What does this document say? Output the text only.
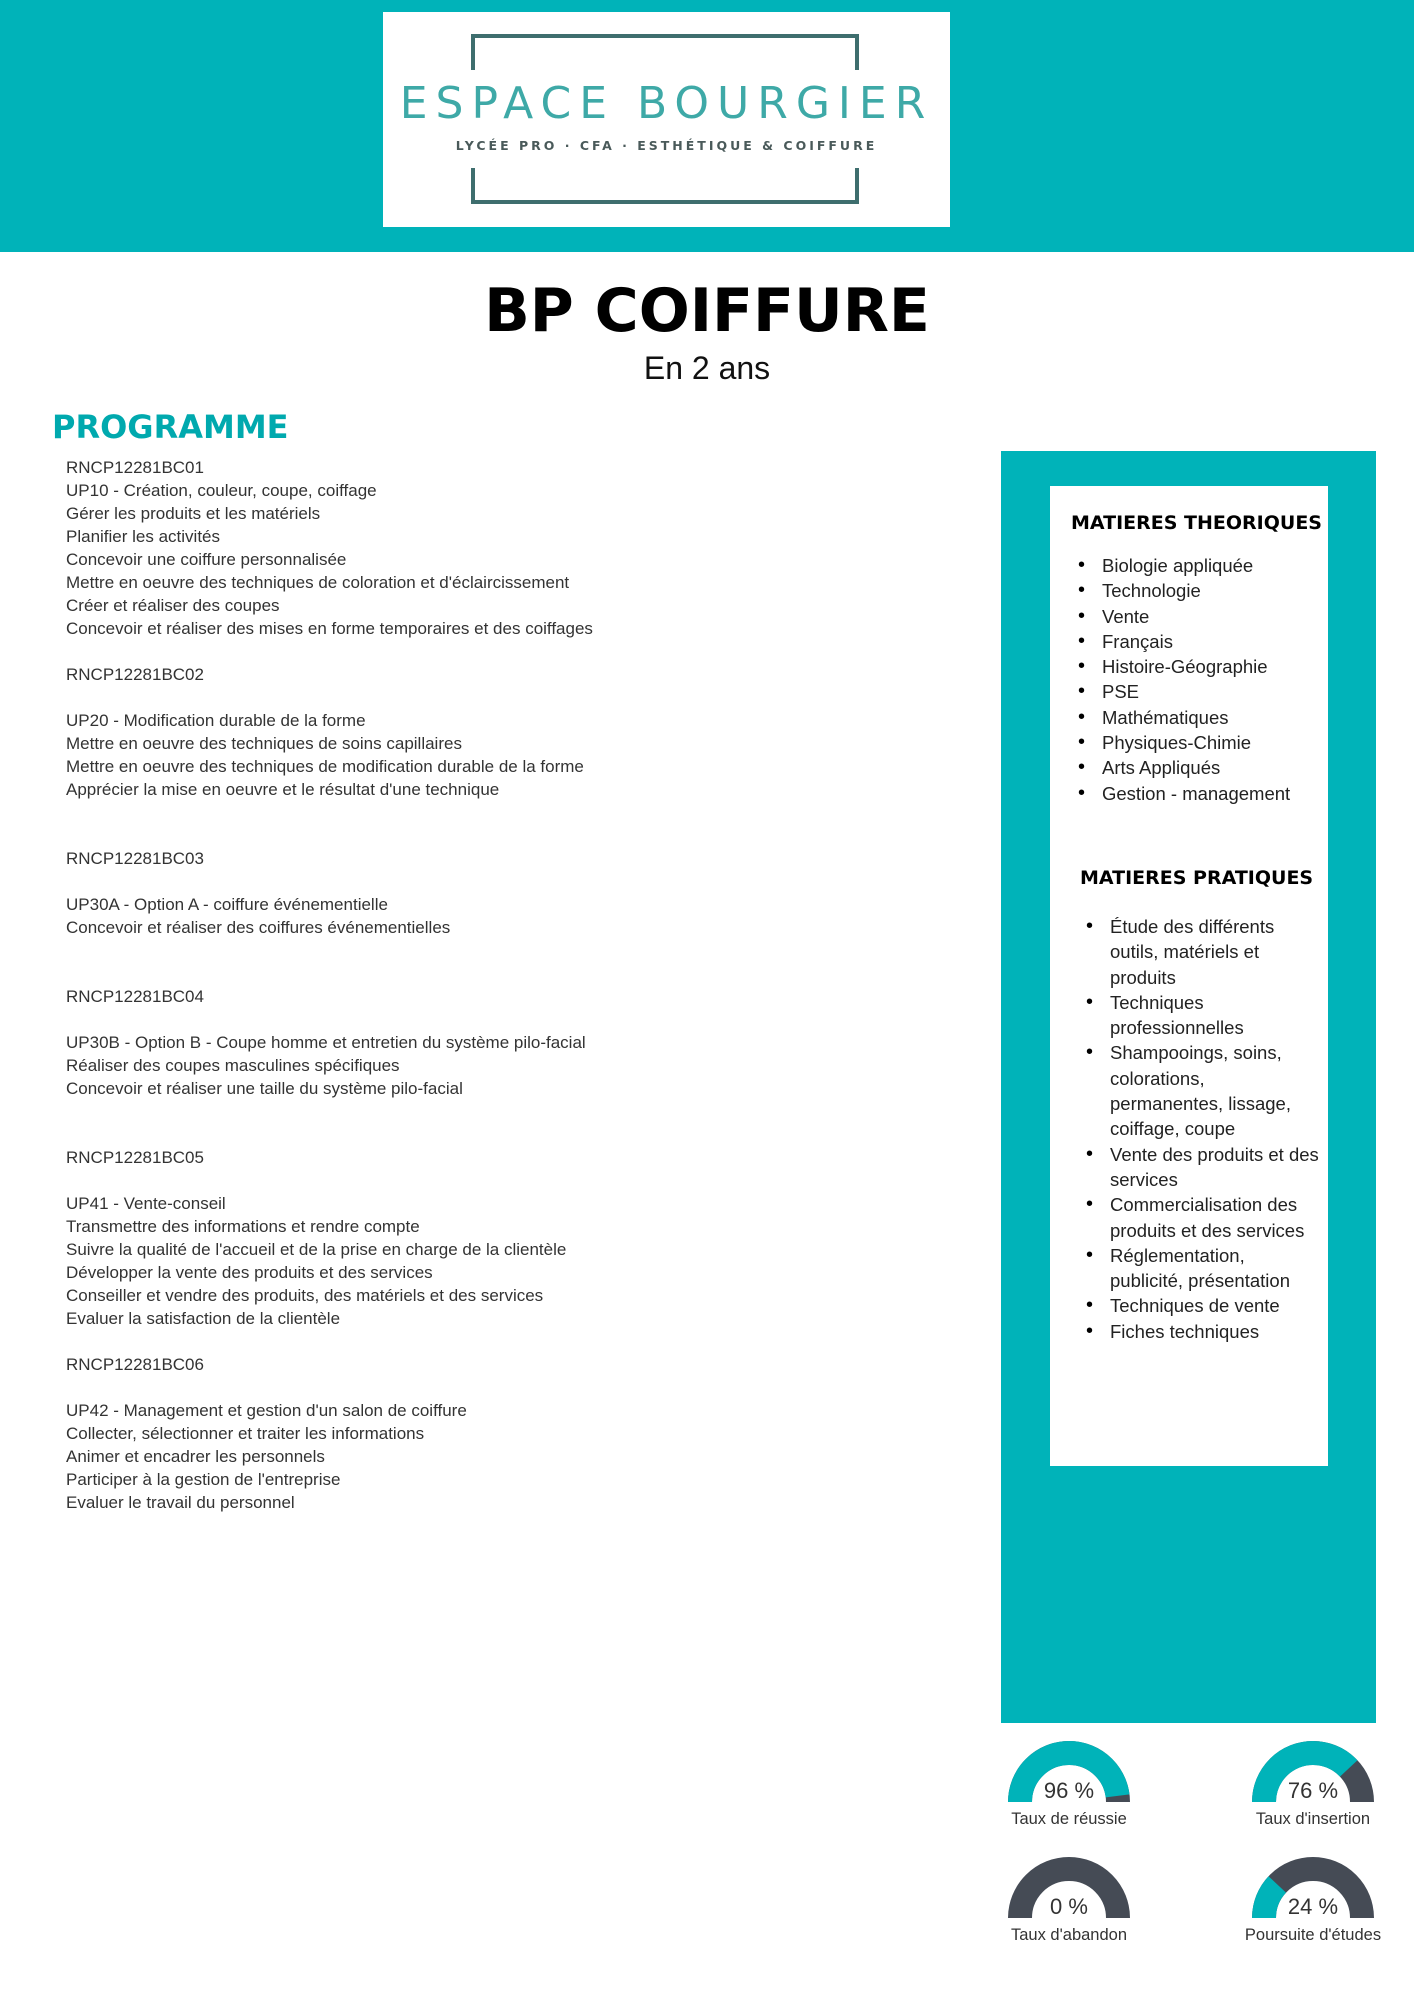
ESPACE BOURGIER
LYCÉE PRO · CFA · ESTHÉTIQUE & COIFFURE
BP COIFFURE
En 2 ans
PROGRAMME
RNCP12281BC01
UP10 - Création, couleur, coupe, coiffage
Gérer les produits et les matériels
Planifier les activités
Concevoir une coiffure personnalisée
Mettre en oeuvre des techniques de coloration et d'éclaircissement
Créer et réaliser des coupes
Concevoir et réaliser des mises en forme temporaires et des coiffages
RNCP12281BC02
UP20 - Modification durable de la forme
Mettre en oeuvre des techniques de soins capillaires
Mettre en oeuvre des techniques de modification durable de la forme
Apprécier la mise en oeuvre et le résultat d'une technique
RNCP12281BC03
UP30A - Option A - coiffure événementielle
Concevoir et réaliser des coiffures événementielles
RNCP12281BC04
UP30B - Option B - Coupe homme et entretien du système pilo-facial
Réaliser des coupes masculines spécifiques
Concevoir et réaliser une taille du système pilo-facial
RNCP12281BC05
UP41 - Vente-conseil
Transmettre des informations et rendre compte
Suivre la qualité de l'accueil et de la prise en charge de la clientèle
Développer la vente des produits et des services
Conseiller et vendre des produits, des matériels et des services
Evaluer la satisfaction de la clientèle
RNCP12281BC06
UP42 - Management et gestion d'un salon de coiffure
Collecter, sélectionner et traiter les informations
Animer et encadrer les personnels
Participer à la gestion de l'entreprise
Evaluer le travail du personnel
MATIERES THEORIQUES
• Biologie appliquée
• Technologie
• Vente
• Français
• Histoire-Géographie
• PSE
• Mathématiques
• Physiques-Chimie
• Arts Appliqués
• Gestion - management
MATIERES PRATIQUES
• Étude des différents outils, matériels et produits
• Techniques professionnelles
• Shampooings, soins, colorations, permanentes, lissage, coiffage, coupe
• Vente des produits et des services
• Commercialisation des produits et des services
• Réglementation, publicité, présentation
• Techniques de vente
• Fiches techniques
96 %
Taux de réussie
76 %
Taux d'insertion
0 %
Taux d'abandon
24 %
Poursuite d'études
